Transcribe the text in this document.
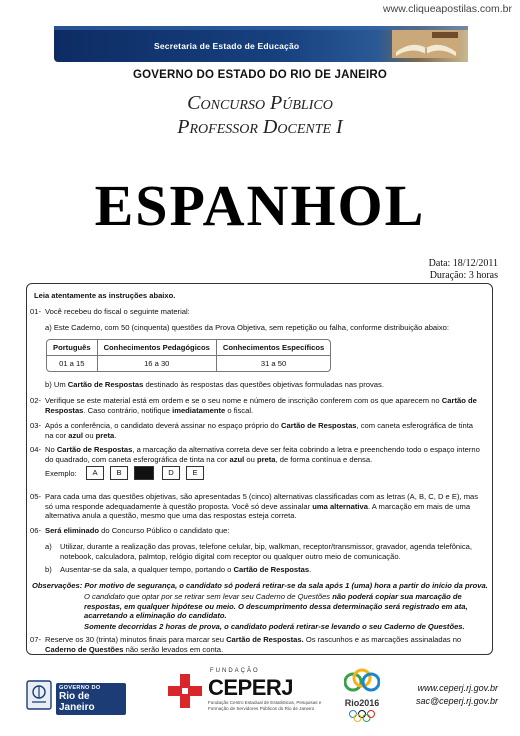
www.cliqueapostilas.com.br
Secretaria de Estado de Educação
GOVERNO DO ESTADO DO RIO DE JANEIRO
Concurso Público
Professor Docente I
ESPANHOL
Data: 18/12/2011
Duração: 3 horas
Leia atentamente as instruções abaixo.
01- Você recebeu do fiscal o seguinte material:
a) Este Caderno, com 50 (cinquenta) questões da Prova Objetiva, sem repetição ou falha, conforme distribuição abaixo:
Português	Conhecimentos Pedagógicos	Conhecimentos Específicos
01 a 15	16 a 30	31 a 50
b) Um Cartão de Respostas destinado às respostas das questões objetivas formuladas nas provas.
02- Verifique se este material está em ordem e se o seu nome e número de inscrição conferem com os que aparecem no Cartão de
Respostas. Caso contrário, notifique imediatamente o fiscal.
03- Após a conferência, o candidato deverá assinar no espaço próprio do Cartão de Respostas, com caneta esferográfica de tinta
na cor azul ou preta.
04- No Cartão de Respostas, a marcação da alternativa correta deve ser feita cobrindo a letra e preenchendo todo o espaço interno
do quadrado, com caneta esferográfica de tinta na cor azul ou preta, de forma contínua e densa.
Exemplo:	A	B	D	E
05- Para cada uma das questões objetivas, são apresentadas 5 (cinco) alternativas classificadas com as letras (A, B, C, D e E), mas
só uma responde adequadamente à questão proposta. Você só deve assinalar uma alternativa. A marcação em mais de uma
alternativa anula a questão, mesmo que uma das respostas esteja correta.
06- Será eliminado do Concurso Público o candidato que:
a) Utilizar, durante a realização das provas, telefone celular, bip, walkman, receptor/transmissor, gravador, agenda telefônica,
notebook, calculadora, palmtop, relógio digital com receptor ou qualquer outro meio de comunicação.
b) Ausentar-se da sala, a qualquer tempo, portando o Cartão de Respostas.
Observações: Por motivo de segurança, o candidato só poderá retirar-se da sala após 1 (uma) hora a partir do início da prova.
O candidato que optar por se retirar sem levar seu Caderno de Questões não poderá copiar sua marcação de
respostas, em qualquer hipótese ou meio. O descumprimento dessa determinação será registrado em ata,
acarretando a eliminação do candidato.
Somente decorridas 2 horas de prova, o candidato poderá retirar-se levando o seu Caderno de Questões.
07- Reserve os 30 (trinta) minutos finais para marcar seu Cartão de Respostas. Os rascunhos e as marcações assinaladas no
Caderno de Questões não serão levados em conta.
GOVERNO DO
Rio de Janeiro
FUNDAÇÃO
CEPERJ
Fundação Centro Estadual de Estatísticas, Pesquisas e
Formação de Servidores Públicos do Rio de Janeiro
Rio2016
www.ceperj.rj.gov.br
sac@ceperj.rj.gov.br
